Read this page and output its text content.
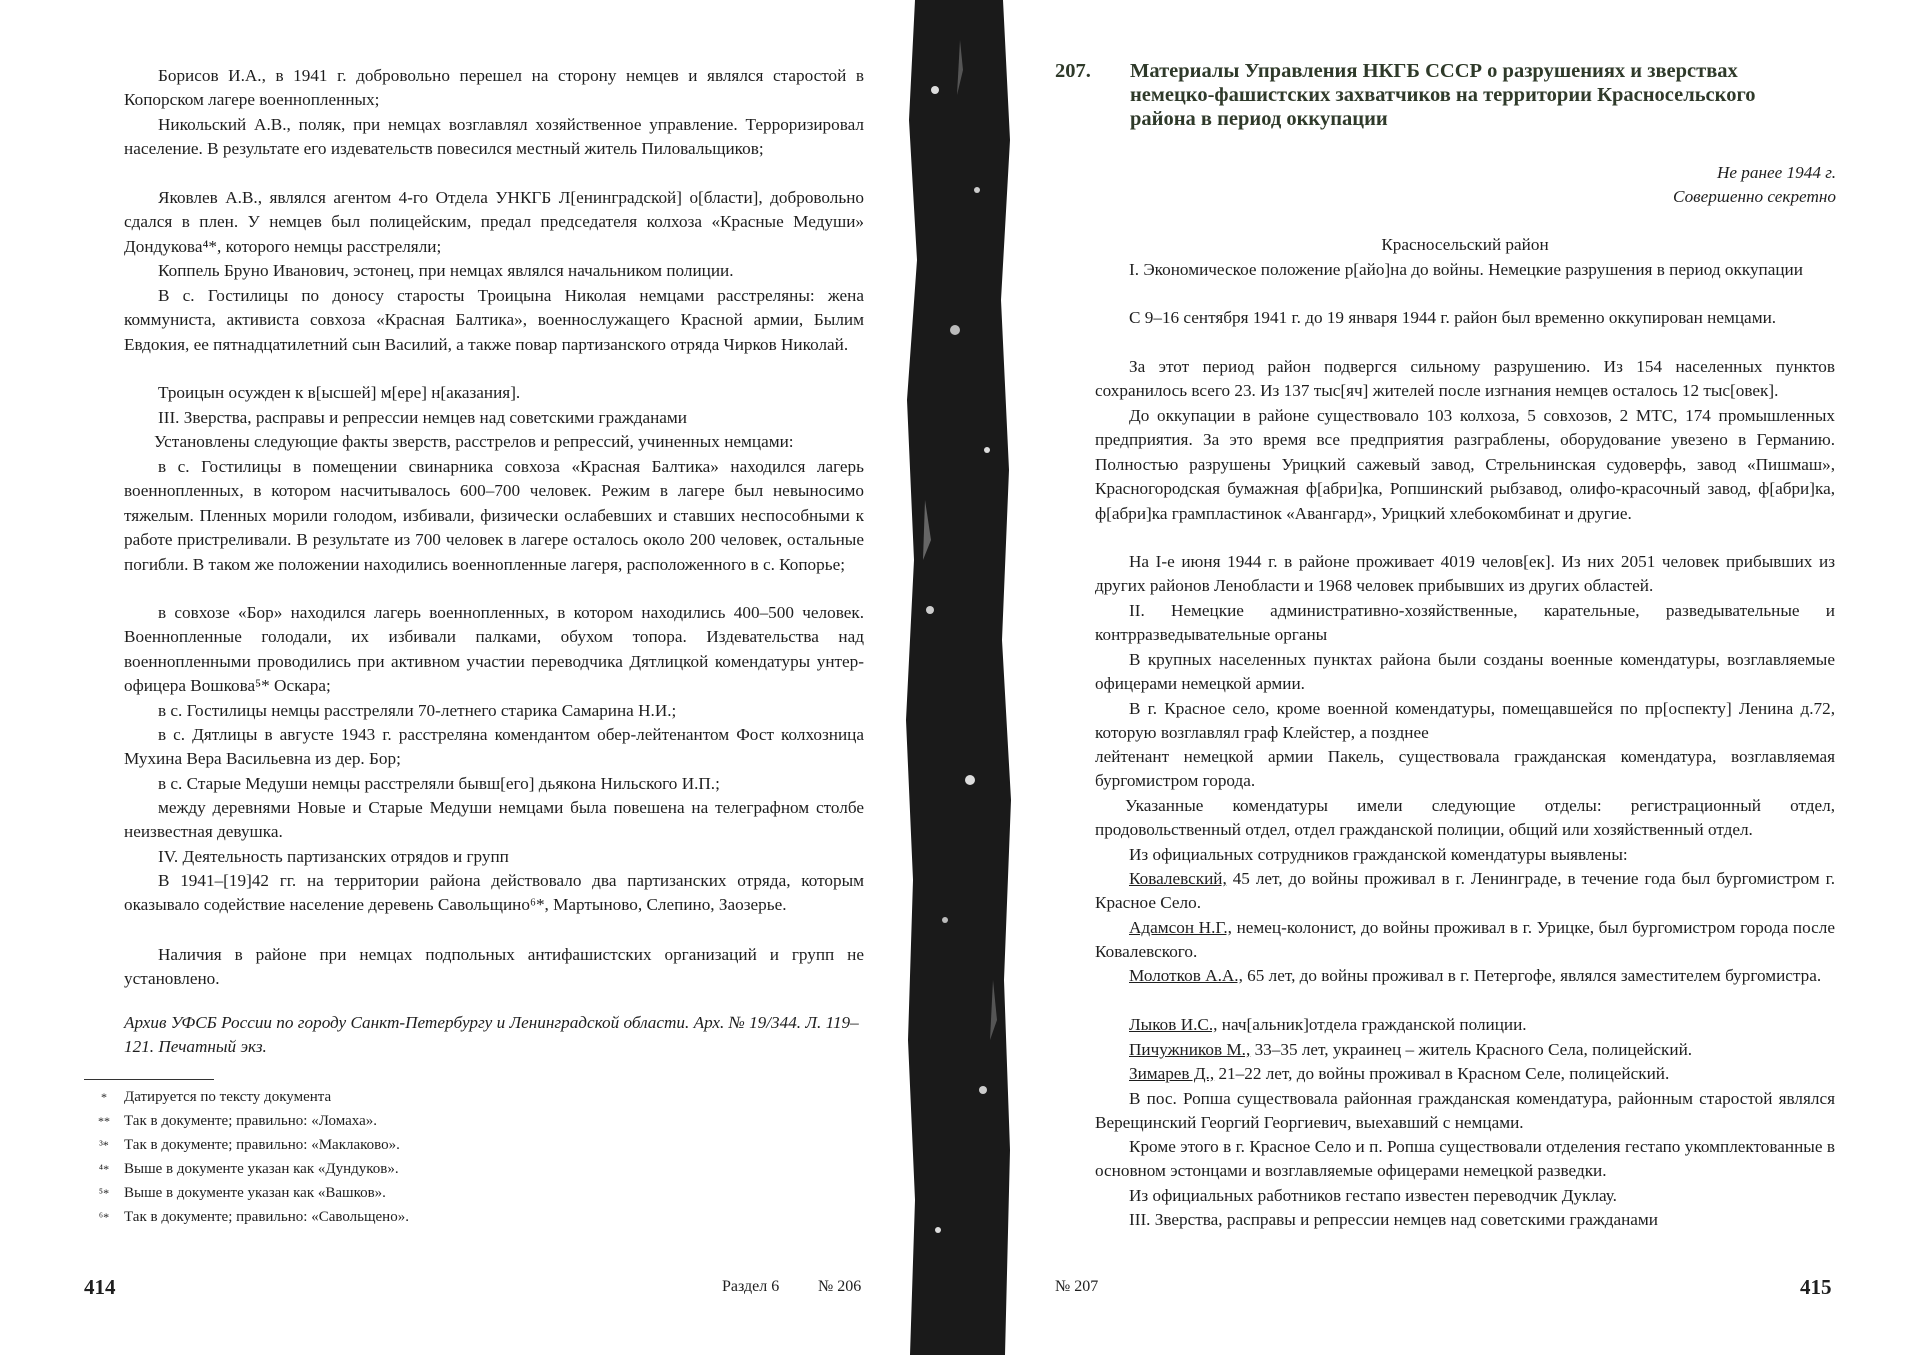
Борисов И.А., в 1941 г. добровольно перешел на сторону немцев и являлся старостой в Копорском лагере военнопленных;

Никольский А.В., поляк, при немцах возглавлял хозяйственное управление. Терроризировал население. В результате его издевательств повесился местный житель Пиловальщиков;

Яковлев А.В., являлся агентом 4-го Отдела УНКГБ Л[енинградской] о[бласти], добровольно сдался в плен. У немцев был полицейским, предал председателя колхоза «Красные Медуши» Дондукова⁴*, которого немцы расстреляли;

Коппель Бруно Иванович, эстонец, при немцах являлся начальником полиции.

В с. Гостилицы по доносу старосты Троицына Николая немцами расстреляны: жена коммуниста, активиста совхоза «Красная Балтика», военнослужащего Красной армии, Былим Евдокия, ее пятнадцатилетний сын Василий, а также повар партизанского отряда Чирков Николай.

Троицын осужден к в[ысшей] м[ере] н[аказания].

III. Зверства, расправы и репрессии немцев над советскими гражданами

Установлены следующие факты зверств, расстрелов и репрессий, учиненных немцами:

в с. Гостилицы в помещении свинарника совхоза «Красная Балтика» находился лагерь военнопленных, в котором насчитывалось 600–700 человек. Режим в лагере был невыносимо тяжелым. Пленных морили голодом, избивали, физически ослабевших и ставших неспособными к работе пристреливали. В результате из 700 человек в лагере осталось около 200 человек, остальные погибли. В таком же положении находились военнопленные лагеря, расположенного в с. Копорье;

в совхозе «Бор» находился лагерь военнопленных, в котором находились 400–500 человек. Военнопленные голодали, их избивали палками, обухом топора. Издевательства над военнопленными проводились при активном участии переводчика Дятлицкой комендатуры унтер-офицера Вошкова⁵* Оскара;

в с. Гостилицы немцы расстреляли 70-летнего старика Самарина Н.И.;

в с. Дятлицы в августе 1943 г. расстреляна комендантом обер-лейтенантом Фост колхозница Мухина Вера Васильевна из дер. Бор;

в с. Старые Медуши немцы расстреляли бывш[его] дьякона Нильского И.П.;

между деревнями Новые и Старые Медуши немцами была повешена на телеграфном столбе неизвестная девушка.

IV. Деятельность партизанских отрядов и групп

В 1941–[19]42 гг. на территории района действовало два партизанских отряда, которым оказывало содействие население деревень Савольщино⁶*, Мартыново, Слепино, Заозерье.

Наличия в районе при немцах подпольных антифашистских организаций и групп не установлено.

Архив УФСБ России по городу Санкт-Петербургу и Ленинградской области. Арх. № 19/344. Л. 119–121. Печатный экз.

*	Датируется по тексту документа
** Так в документе; правильно: «Ломаха».
³*	Так в документе; правильно: «Маклаково».
⁴* Выше в документе указан как «Дундуков».
⁵* Выше в документе указан как «Вашков».
⁶* Так в документе; правильно: «Савольщено».

414	Раздел 6 № 206

207. Материалы Управления НКГБ СССР о разрушениях и зверствах немецко-фашистских захватчиков на территории Красносельского района в период оккупации

Не ранее 1944 г.

Совершенно секретно

Красносельский район

I. Экономическое положение р[айо]на до войны. Немецкие разрушения в период оккупации

С 9–16 сентября 1941 г. до 19 января 1944 г. район был временно оккупирован немцами.

За этот период район подвергся сильному разрушению. Из 154 населенных пунктов сохранилось всего 23. Из 137 тыс[яч] жителей после изгнания немцев осталось 12 тыс[овек].

До оккупации в районе существовало 103 колхоза, 5 совхозов, 2 МТС, 174 промышленных предприятия. За это время все предприятия разграблены, оборудование увезено в Германию. Полностью разрушены Урицкий сажевый завод, Стрельнинская судоверфь, завод «Пишмаш», Красногородская бумажная ф[абри]ка, Ропшинский рыбзавод, олифо-красочный завод, ф[абри]ка, ф[абри]ка грампластинок «Авангард», Урицкий хлебокомбинат и другие.

На I-е июня 1944 г. в районе проживает 4019 челов[ек]. Из них 2051 человек прибывших из других районов Ленобласти и 1968 человек прибывших из других областей.

II. Немецкие административно-хозяйственные, карательные, разведывательные и контрразведывательные органы

В крупных населенных пунктах района были созданы военные комендатуры, возглавляемые офицерами немецкой армии.

В г. Красное село, кроме военной комендатуры, помещавшейся по пр[оспекту] Ленина д.72, которую возглавлял граф Клейстер, а позднее

лейтенант немецкой армии Пакель, существовала гражданская комендатура, возглавляемая бургомистром города.

Указанные комендатуры имели следующие отделы: регистрационный отдел, продовольственный отдел, отдел гражданской полиции, общий или хозяйственный отдел.

Из официальных сотрудников гражданской комендатуры выявлены:

Ковалевский, 45 лет, до войны проживал в г. Ленинграде, в течение года был бургомистром г. Красное Село.

Адамсон Н.Г., немец-колонист, до войны проживал в г. Урицке, был бургомистром города после Ковалевского.

Молотков А.А., 65 лет, до войны проживал в г. Петергофе, являлся заместителем бургомистра.

Лыков И.С., нач[альник]отдела гражданской полиции.

Пичужников М., 33–35 лет, украинец – житель Красного Села, полицейский.

Зимарев Д., 21–22 лет, до войны проживал в Красном Селе, полицейский.

В пос. Ропша существовала районная гражданская комендатура, районным старостой являлся Верещинский Георгий Георгиевич, выехавший с немцами.

Кроме этого в г. Красное Село и п. Ропша существовали отделения гестапо укомплектованные в основном эстонцами и возглавляемые офицерами немецкой разведки.

Из официальных работников гестапо известен переводчик Дуклау.

III. Зверства, расправы и репрессии немцев над советскими гражданами

№ 207	415
